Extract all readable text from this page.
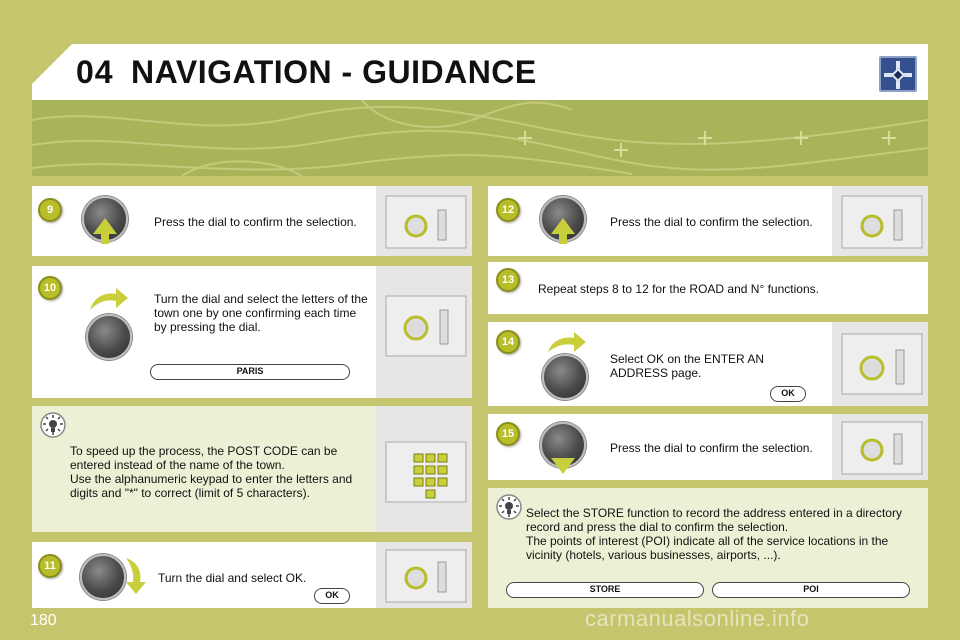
04 NAVIGATION - GUIDANCE
9
Press the dial to confirm the selection.
10
Turn the dial and select the letters of the town one by one confirming each time by pressing the dial.
PARIS
To speed up the process, the POST CODE can be entered instead of the name of the town.
Use the alphanumeric keypad to enter the letters and digits and "*" to correct (limit of 5 characters).
11
Turn the dial and select OK.
OK
12
Press the dial to confirm the selection.
13
Repeat steps 8 to 12 for the ROAD and N° functions.
14
Select OK on the ENTER AN ADDRESS page.
OK
15
Press the dial to confirm the selection.
Select the STORE function to record the address entered in a directory record and press the dial to confirm the selection.
The points of interest (POI) indicate all of the service locations in the vicinity (hotels, various businesses, airports, ...).
STORE	POI
180	carmanualsonline.info
